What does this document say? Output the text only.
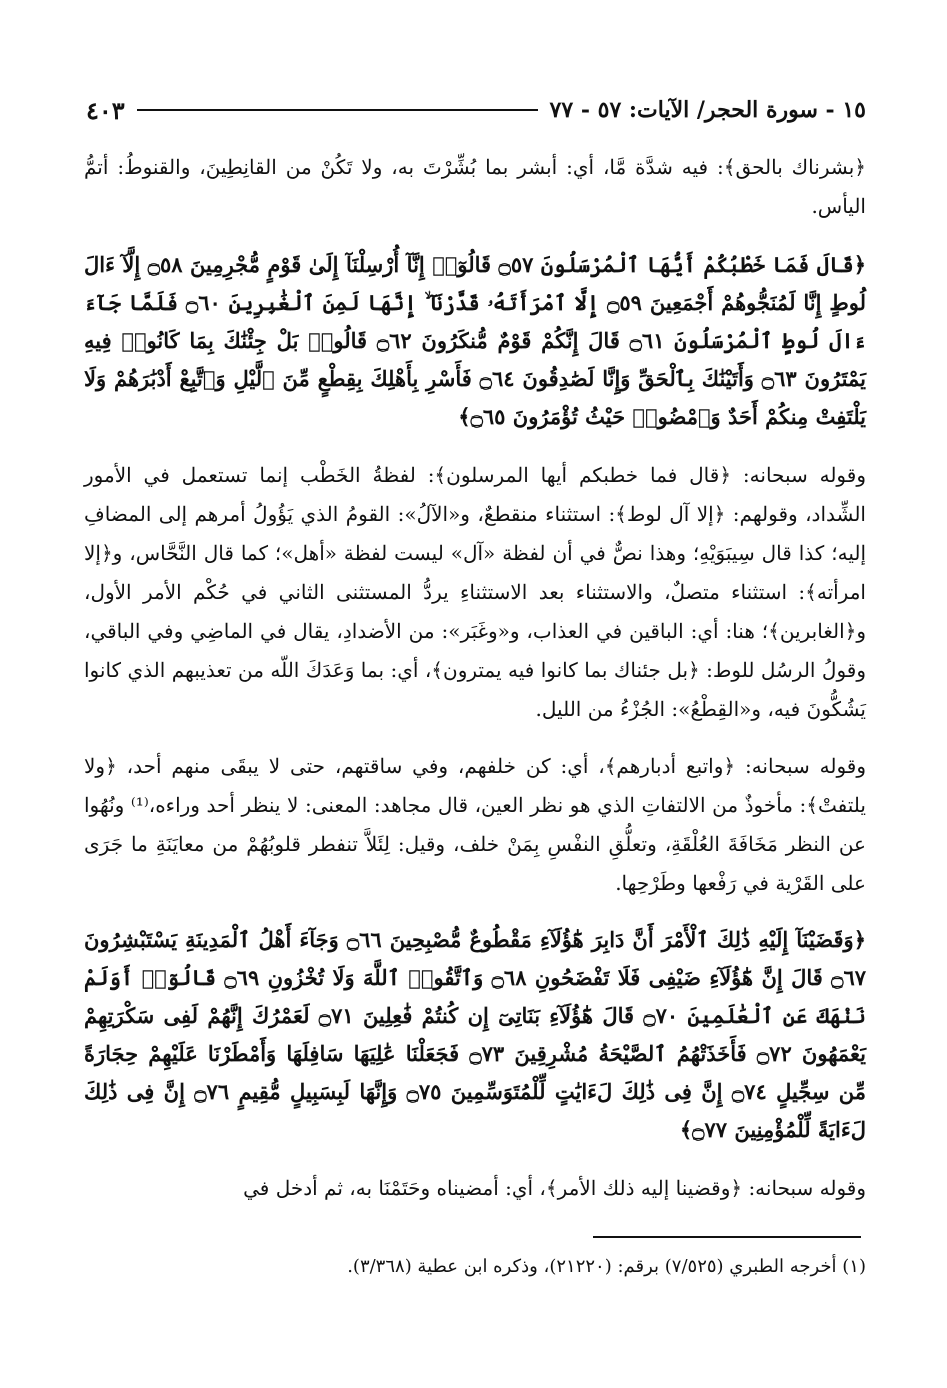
١٥ - سورة الحجر/ الآيات: ٥٧ - ٧٧
٤٠٣

﴿بشرناك بالحق﴾: فيه شدَّة مَّا، أي: أبشر بما بُشِّرْتَ به، ولا تَكُنْ من القانِطِينَ، والقنوطُ: أتمُّ اليأس.

﴿قَالَ فَمَا خَطْبُكُمْ أَيُّهَا ٱلْمُرْسَلُونَ ۝٥٧ قَالُوٓا۟ إِنَّآ أُرْسِلْنَآ إِلَىٰ قَوْمٍ مُّجْرِمِينَ ۝٥٨ إِلَّآ ءَالَ لُوطٍ إِنَّا لَمُنَجُّوهُمْ أَجْمَعِينَ ۝٥٩ إِلَّا ٱمْرَأَتَهُۥ قَدَّرْنَآ ۙ إِنَّهَا لَمِنَ ٱلْغَٰبِرِينَ ۝٦٠ فَلَمَّا جَآءَ ءَالَ لُوطٍ ٱلْمُرْسَلُونَ ۝٦١ قَالَ إِنَّكُمْ قَوْمٌ مُّنكَرُونَ ۝٦٢ قَالُوا۟ بَلْ جِئْنَٰكَ بِمَا كَانُوا۟ فِيهِ يَمْتَرُونَ ۝٦٣ وَأَتَيْنَٰكَ بِٱلْحَقِّ وَإِنَّا لَصَٰدِقُونَ ۝٦٤ فَأَسْرِ بِأَهْلِكَ بِقِطْعٍ مِّنَ ٱلَّيْلِ وَٱتَّبِعْ أَدْبَٰرَهُمْ وَلَا يَلْتَفِتْ مِنكُمْ أَحَدٌ وَٱمْضُوا۟ حَيْثُ تُؤْمَرُونَ ۝٦٥﴾

وقوله سبحانه: ﴿قال فما خطبكم أيها المرسلون﴾: لفظةُ الخَطْب إنما تستعمل في الأمور الشِّداد، وقولهم: ﴿إلا آل لوط﴾: استثناء منقطعٌ، و«الآلُ»: القومُ الذي يَؤُولُ أمرهم إلى المضافِ إليه؛ كذا قال سِيبَوَيْهِ؛ وهذا نصٌّ في أن لفظة «آل» ليست لفظة «أهل»؛ كما قال النَّحَّاس، و﴿إلا امرأته﴾: استثناء متصلٌ، والاستثناء بعد الاستثناءِ يردُّ المستثنى الثاني في حُكْم الأمر الأول، و﴿الغابرين﴾؛ هنا: أي: الباقين في العذاب، و«وغَبَر»: من الأضدادِ، يقال في الماضِي وفي الباقي، وقولُ الرسُل للوط: ﴿بل جئناك بما كانوا فيه يمترون﴾، أي: بما وَعَدَكَ اللّه من تعذيبهم الذي كانوا يَشُكُّونَ فيه، و«القِطْعُ»: الجُزْءُ من الليل.

وقوله سبحانه: ﴿واتبع أدبارهم﴾، أي: كن خلفهم، وفي ساقتهم، حتى لا يبقَى منهم أحد، ﴿ولا يلتفتْ﴾: مأخوذٌ من الالتفاتِ الذي هو نظر العين، قال مجاهد: المعنى: لا ينظر أحد وراءه،⁽¹⁾ ونُهُوا عن النظر مَخَافَةَ العُلْقَةِ، وتعلُّقِ النفْسِ بِمَنْ خلف، وقيل: لِئَلاَّ تنفطر قلوبُهُمْ من معايَنَةِ ما جَرَى على القَرْية في رَفْعها وطَرْحِها.

﴿وَقَضَيْنَآ إِلَيْهِ ذَٰلِكَ ٱلْأَمْرَ أَنَّ دَابِرَ هَٰٓؤُلَآءِ مَقْطُوعٌ مُّصْبِحِينَ ۝٦٦ وَجَآءَ أَهْلُ ٱلْمَدِينَةِ يَسْتَبْشِرُونَ ۝٦٧ قَالَ إِنَّ هَٰٓؤُلَآءِ ضَيْفِى فَلَا تَفْضَحُونِ ۝٦٨ وَٱتَّقُوا۟ ٱللَّهَ وَلَا تُخْزُونِ ۝٦٩ قَالُوٓا۟ أَوَلَمْ نَنْهَكَ عَنِ ٱلْعَٰلَمِينَ ۝٧٠ قَالَ هَٰٓؤُلَآءِ بَنَاتِىٓ إِن كُنتُمْ فَٰعِلِينَ ۝٧١ لَعَمْرُكَ إِنَّهُمْ لَفِى سَكْرَتِهِمْ يَعْمَهُونَ ۝٧٢ فَأَخَذَتْهُمُ ٱلصَّيْحَةُ مُشْرِقِينَ ۝٧٣ فَجَعَلْنَا عَٰلِيَهَا سَافِلَهَا وَأَمْطَرْنَا عَلَيْهِمْ حِجَارَةً مِّن سِجِّيلٍ ۝٧٤ إِنَّ فِى ذَٰلِكَ لَءَايَٰتٍ لِّلْمُتَوَسِّمِينَ ۝٧٥ وَإِنَّهَا لَبِسَبِيلٍ مُّقِيمٍ ۝٧٦ إِنَّ فِى ذَٰلِكَ لَءَايَةً لِّلْمُؤْمِنِينَ ۝٧٧﴾

وقوله سبحانه: ﴿وقضينا إليه ذلك الأمر﴾، أي: أمضيناه وحَتَمْنَا به، ثم أدخل في

(١) أخرجه الطبري (٧/٥٢٥) برقم: (٢١٢٢٠)، وذكره ابن عطية (٣/٣٦٨).
